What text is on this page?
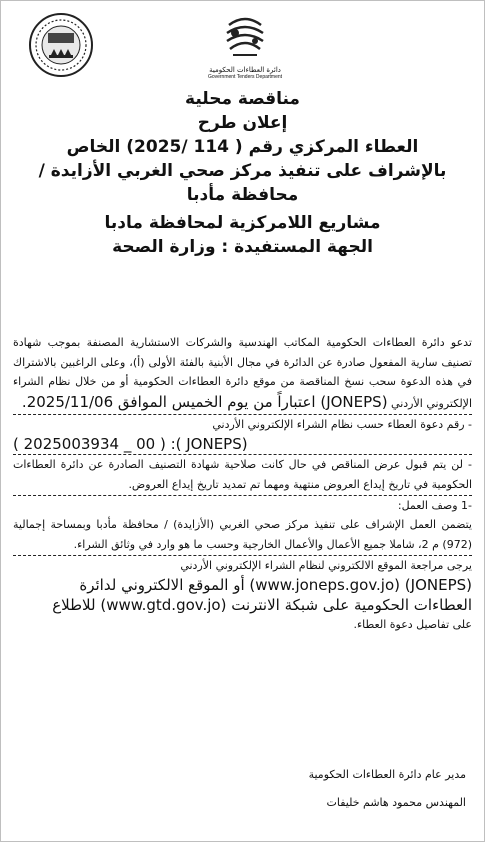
دائرة العطاءات الحكومية
Government Tenders Department
مناقصة محلية
إعلان طرح
العطاء المركزي رقم ( 114 /2025) الخاص
بالإشراف على تنفيذ مركز صحي الغربي الأزايدة /
محافظة مأدبا
مشاريع اللامركزية لمحافظة مادبا
الجهة المستفيدة : وزارة الصحة

تدعو دائرة العطاءات الحكومية المكاتب الهندسية والشركات الاستشارية المصنفة بموجب شهادة تصنيف سارية المفعول صادرة عن الدائرة في مجال الأبنية بالفئة الأولى (أ)، وعلى الراغبين بالاشتراك في هذه الدعوة سحب نسخ المناقصة من موقع دائرة العطاءات الحكومية أو من خلال نظام الشراء الإلكتروني الأردني (JONEPS) اعتباراً من يوم الخميس الموافق 2025/11/06.

- رقم دعوة العطاء حسب نظام الشراء الإلكتروني الأردني

( 2025003934 _ 00 ) :( JONEPS)

- لن يتم قبول عرض المناقص في حال كانت صلاحية شهادة التصنيف الصادرة عن دائرة العطاءات الحكومية في تاريخ إيداع العروض منتهية ومهما تم تمديد تاريخ إيداع العروض.

-1 وصف العمل:

يتضمن العمل الإشراف على تنفيذ مركز صحي الغربي (الأزايدة) / محافظة مأدبا وبمساحة إجمالية (972) م 2، شاملا جميع الأعمال والأعمال الخارجية وحسب ما هو وارد في وثائق الشراء.

يرجى مراجعة الموقع الالكتروني لنظام الشراء الإلكتروني الأردني

(JONEPS) (www.joneps.gov.jo) أو الموقع الالكتروني لدائرة

العطاءات الحكومية على شبكة الانترنت (www.gtd.gov.jo) للاطلاع

على تفاصيل دعوة العطاء.

مدير عام دائرة العطاءات الحكومية
المهندس محمود هاشم خليفات
